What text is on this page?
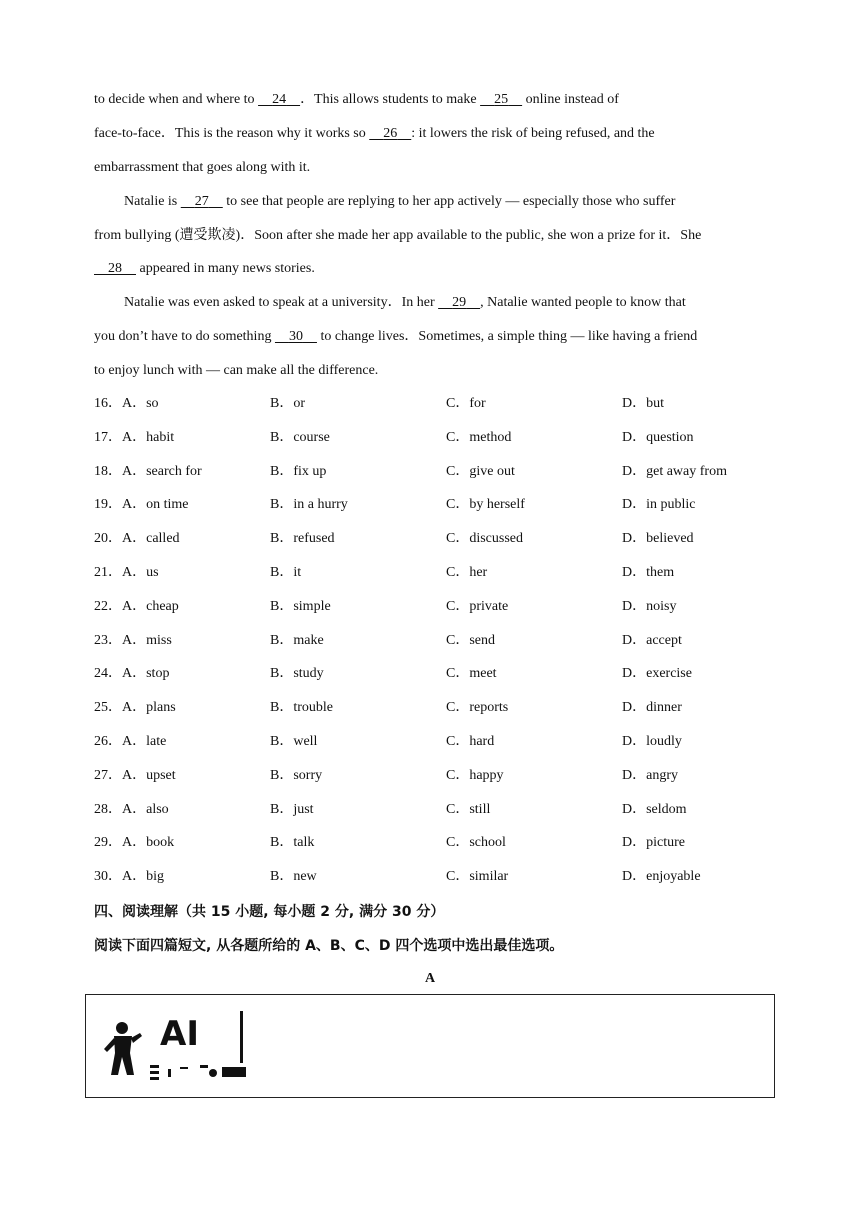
to decide when and where to     24 ．This allows students to make     25     online instead of
face-to-face．This is the reason why it works so     26 : it lowers the risk of being refused, and the
embarrassment that goes along with it.
Natalie is     27     to see that people are replying to her app actively — especially those who suffer
from bullying (遭受欺凌)．Soon after she made her app available to the public, she won a prize for it．She
28     appeared in many news stories.
Natalie was even asked to speak at a university．In her     29 , Natalie wanted people to know that
you don’t have to do something     30     to change lives．Sometimes, a simple thing — like having a friend
to enjoy lunch with — can make all the difference.
16．A．so	B．or	C．for	D．but
17．A．habit	B．course	C．method	D．question
18．A．search for	B．fix up	C．give out	D．get away from
19．A．on time	B．in a hurry	C．by herself	D．in public
20．A．called	B．refused	C．discussed	D．believed
21．A．us	B．it	C．her	D．them
22．A．cheap	B．simple	C．private	D．noisy
23．A．miss	B．make	C．send	D．accept
24．A．stop	B．study	C．meet	D．exercise
25．A．plans	B．trouble	C．reports	D．dinner
26．A．late	B．well	C．hard	D．loudly
27．A．upset	B．sorry	C．happy	D．angry
28．A．also	B．just	C．still	D．seldom
29．A．book	B．talk	C．school	D．picture
30．A．big	B．new	C．similar	D．enjoyable
四、阅读理解（共 15 小题, 每小题 2 分, 满分 30 分）
阅读下面四篇短文, 从各题所给的 A、B、C、D 四个选项中选出最佳选项。
A
AI
